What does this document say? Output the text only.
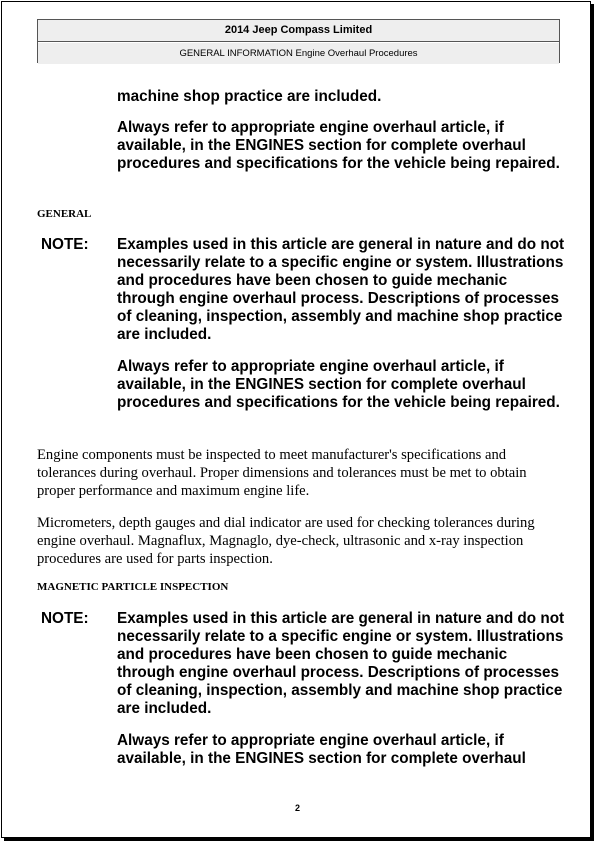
2014 Jeep Compass Limited
GENERAL INFORMATION Engine Overhaul Procedures

machine shop practice are included.

Always refer to appropriate engine overhaul article, if available, in the ENGINES section for complete overhaul procedures and specifications for the vehicle being repaired.

GENERAL

NOTE: Examples used in this article are general in nature and do not necessarily relate to a specific engine or system. Illustrations and procedures have been chosen to guide mechanic through engine overhaul process. Descriptions of processes of cleaning, inspection, assembly and machine shop practice are included.

Always refer to appropriate engine overhaul article, if available, in the ENGINES section for complete overhaul procedures and specifications for the vehicle being repaired.

Engine components must be inspected to meet manufacturer's specifications and tolerances during overhaul. Proper dimensions and tolerances must be met to obtain proper performance and maximum engine life.

Micrometers, depth gauges and dial indicator are used for checking tolerances during engine overhaul. Magnaflux, Magnaglo, dye-check, ultrasonic and x-ray inspection procedures are used for parts inspection.

MAGNETIC PARTICLE INSPECTION

NOTE: Examples used in this article are general in nature and do not necessarily relate to a specific engine or system. Illustrations and procedures have been chosen to guide mechanic through engine overhaul process. Descriptions of processes of cleaning, inspection, assembly and machine shop practice are included.

Always refer to appropriate engine overhaul article, if available, in the ENGINES section for complete overhaul

2
